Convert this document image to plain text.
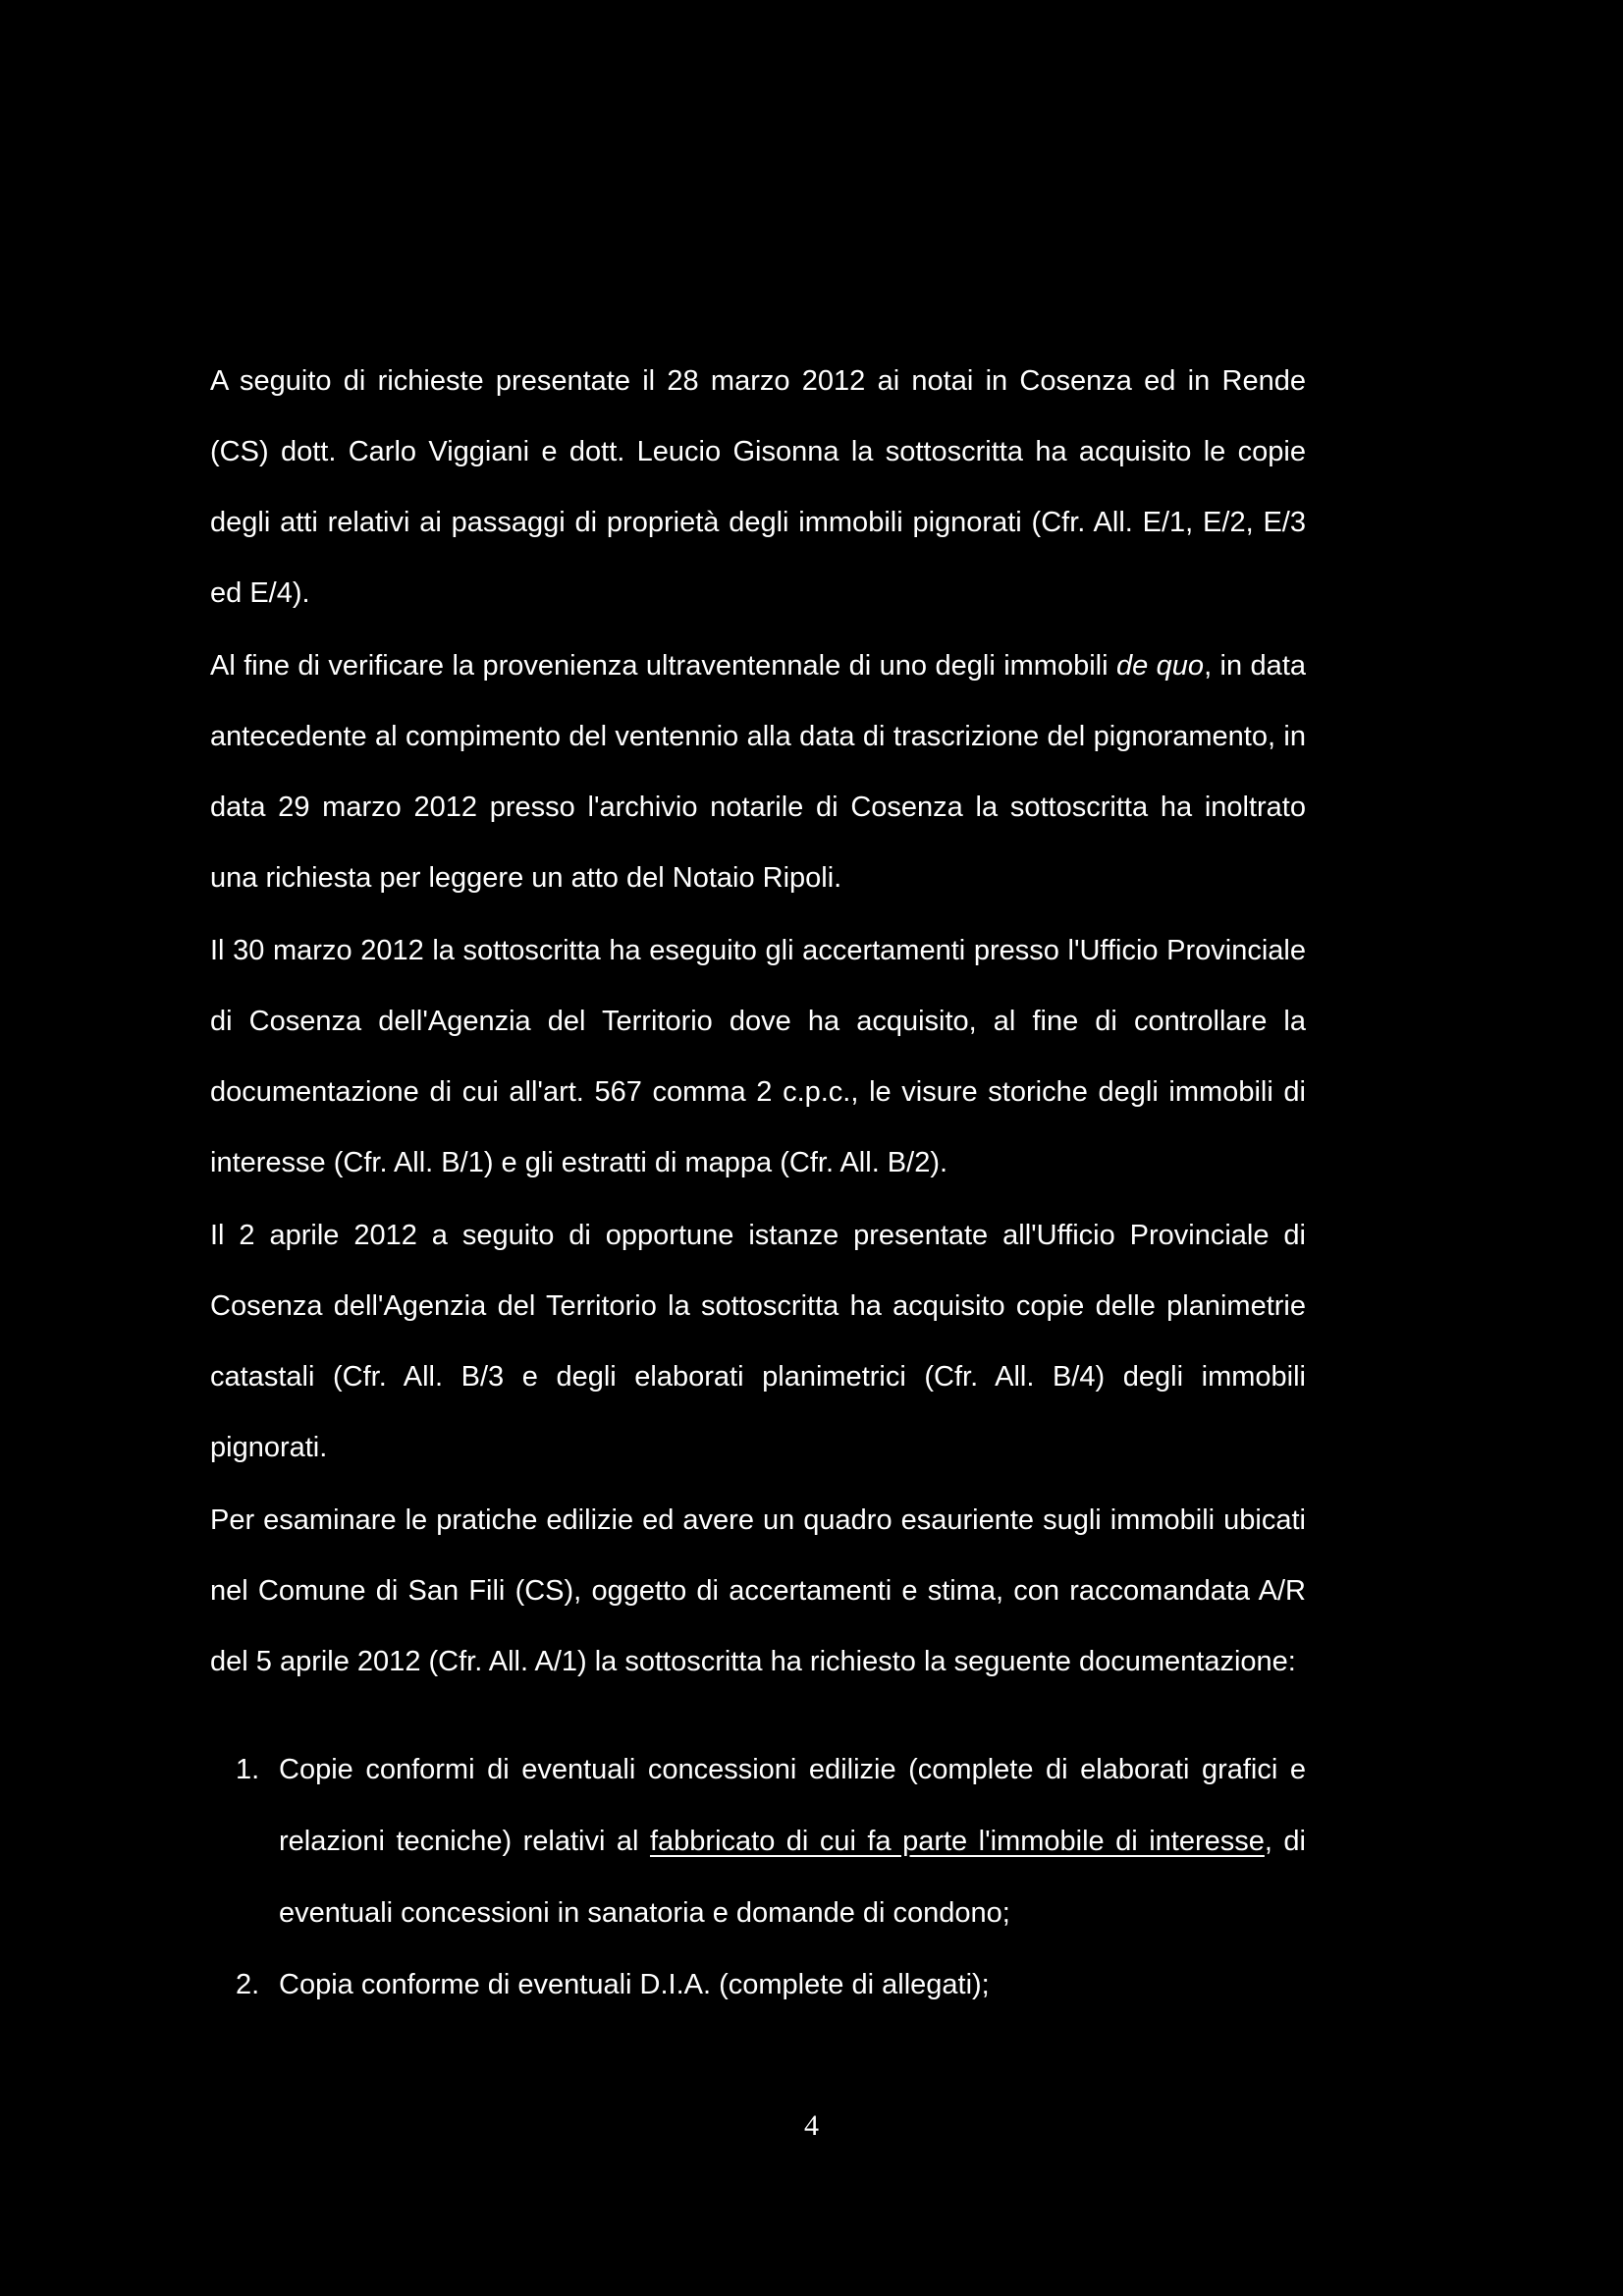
A seguito di richieste presentate il 28 marzo 2012 ai notai in Cosenza ed in Rende (CS) dott. Carlo Viggiani e dott. Leucio Gisonna la sottoscritta ha acquisito le copie degli atti relativi ai passaggi di proprietà degli immobili pignorati (Cfr. All. E/1, E/2, E/3 ed E/4).

Al fine di verificare la provenienza ultraventennale di uno degli immobili de quo, in data antecedente al compimento del ventennio alla data di trascrizione del pignoramento, in data 29 marzo 2012 presso l'archivio notarile di Cosenza la sottoscritta ha inoltrato una richiesta per leggere un atto del Notaio Ripoli.

Il 30 marzo 2012 la sottoscritta ha eseguito gli accertamenti presso l'Ufficio Provinciale di Cosenza dell'Agenzia del Territorio dove ha acquisito, al fine di controllare la documentazione di cui all'art. 567 comma 2 c.p.c., le visure storiche degli immobili di interesse (Cfr. All. B/1) e gli estratti di mappa (Cfr. All. B/2).

Il 2 aprile 2012 a seguito di opportune istanze presentate all'Ufficio Provinciale di Cosenza dell'Agenzia del Territorio la sottoscritta ha acquisito copie delle planimetrie catastali (Cfr. All. B/3 e degli elaborati planimetrici (Cfr. All. B/4) degli immobili pignorati.

Per esaminare le pratiche edilizie ed avere un quadro esauriente sugli immobili ubicati nel Comune di San Fili (CS), oggetto di accertamenti e stima, con raccomandata A/R del 5 aprile 2012 (Cfr. All. A/1) la sottoscritta ha richiesto la seguente documentazione:

1. Copie conformi di eventuali concessioni edilizie (complete di elaborati grafici e relazioni tecniche) relativi al fabbricato di cui fa parte l'immobile di interesse, di eventuali concessioni in sanatoria e domande di condono;
2. Copia conforme di eventuali D.I.A. (complete di allegati);
4
